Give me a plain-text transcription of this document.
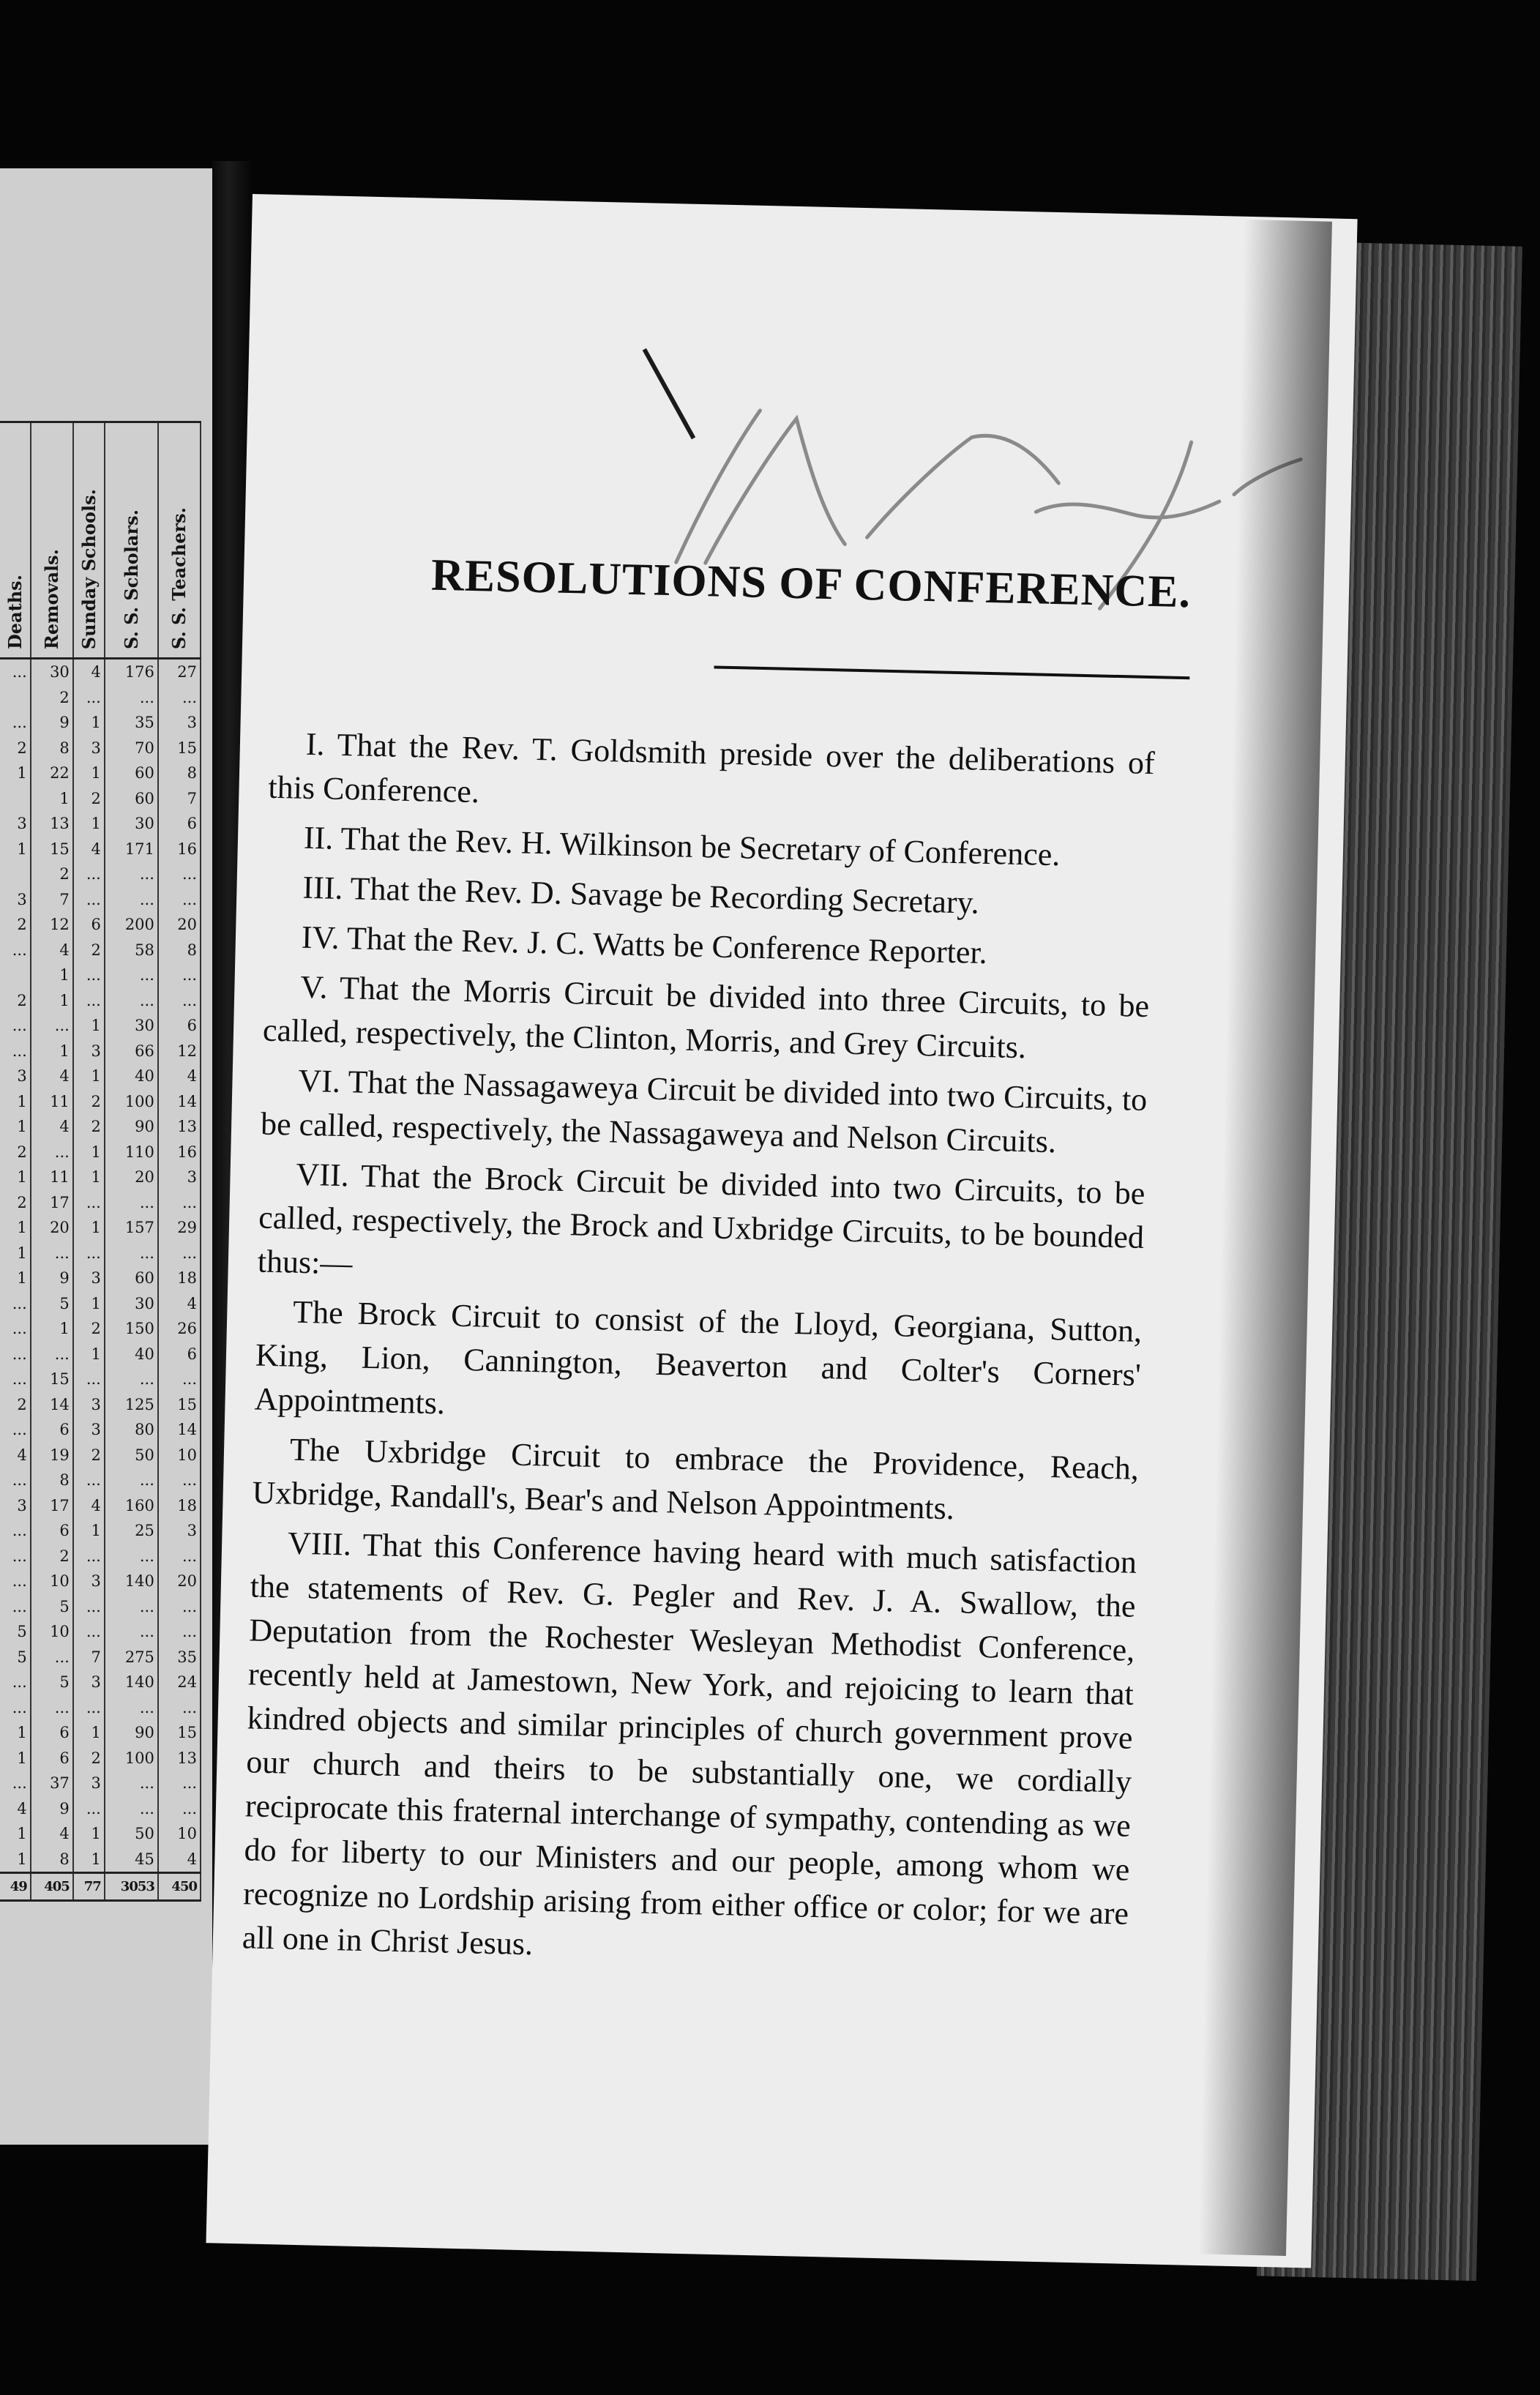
Deaths.	Removals.	Sunday Schools.	S. S. Scholars.	S. S. Teachers.
...	30	4	176	27
	2	...	...	...
...	9	1	35	3
2	8	3	70	15
1	22	1	60	8
	1	2	60	7
3	13	1	30	6
1	15	4	171	16
	2	...	...	...
3	7	...	...	...
2	12	6	200	20
...	4	2	58	8
	1	...	...	...
2	1	...	...	...
...	...	1	30	6
...	1	3	66	12
3	4	1	40	4
1	11	2	100	14
1	4	2	90	13
2	...	1	110	16
1	11	1	20	3
2	17	...	...	...
1	20	1	157	29
1	...	...	...	...
1	9	3	60	18
...	5	1	30	4
...	1	2	150	26
...	...	1	40	6
...	15	...	...	...
2	14	3	125	15
...	6	3	80	14
4	19	2	50	10
...	8	...	...	...
3	17	4	160	18
...	6	1	25	3
...	2	...	...	...
...	10	3	140	20
...	5	...	...	...
5	10	...	...	...
5	...	7	275	35
...	5	3	140	24
...	...	...	...	...
1	6	1	90	15
1	6	2	100	13
...	37	3	...	...
4	9	...	...	...
1	4	1	50	10
1	8	1	45	4
49	405	77	3053	450
RESOLUTIONS OF CONFERENCE.

I. That the Rev. T. Goldsmith preside over the deliberations of this Conference.

II. That the Rev. H. Wilkinson be Secretary of Conference.

III. That the Rev. D. Savage be Recording Secretary.

IV. That the Rev. J. C. Watts be Conference Reporter.

V. That the Morris Circuit be divided into three Circuits, to be called, respectively, the Clinton, Morris, and Grey Circuits.

VI. That the Nassagaweya Circuit be divided into two Circuits, to be called, respectively, the Nassagaweya and Nelson Circuits.

VII. That the Brock Circuit be divided into two Circuits, to be called, respectively, the Brock and Uxbridge Circuits, to be bounded thus:—

The Brock Circuit to consist of the Lloyd, Georgiana, Sutton, King, Lion, Cannington, Beaverton and Colter's Corners' Appointments.

The Uxbridge Circuit to embrace the Providence, Reach, Uxbridge, Randall's, Bear's and Nelson Appointments.

VIII. That this Conference having heard with much satisfaction the statements of Rev. G. Pegler and Rev. J. A. Swallow, the Deputation from the Rochester Wesleyan Methodist Conference, recently held at Jamestown, New York, and rejoicing to learn that kindred objects and similar principles of church government prove our church and theirs to be substantially one, we cordially reciprocate this fraternal interchange of sympathy, contending as we do for liberty to our Ministers and our people, among whom we recognize no Lordship arising from either office or color; for we are all one in Christ Jesus.
